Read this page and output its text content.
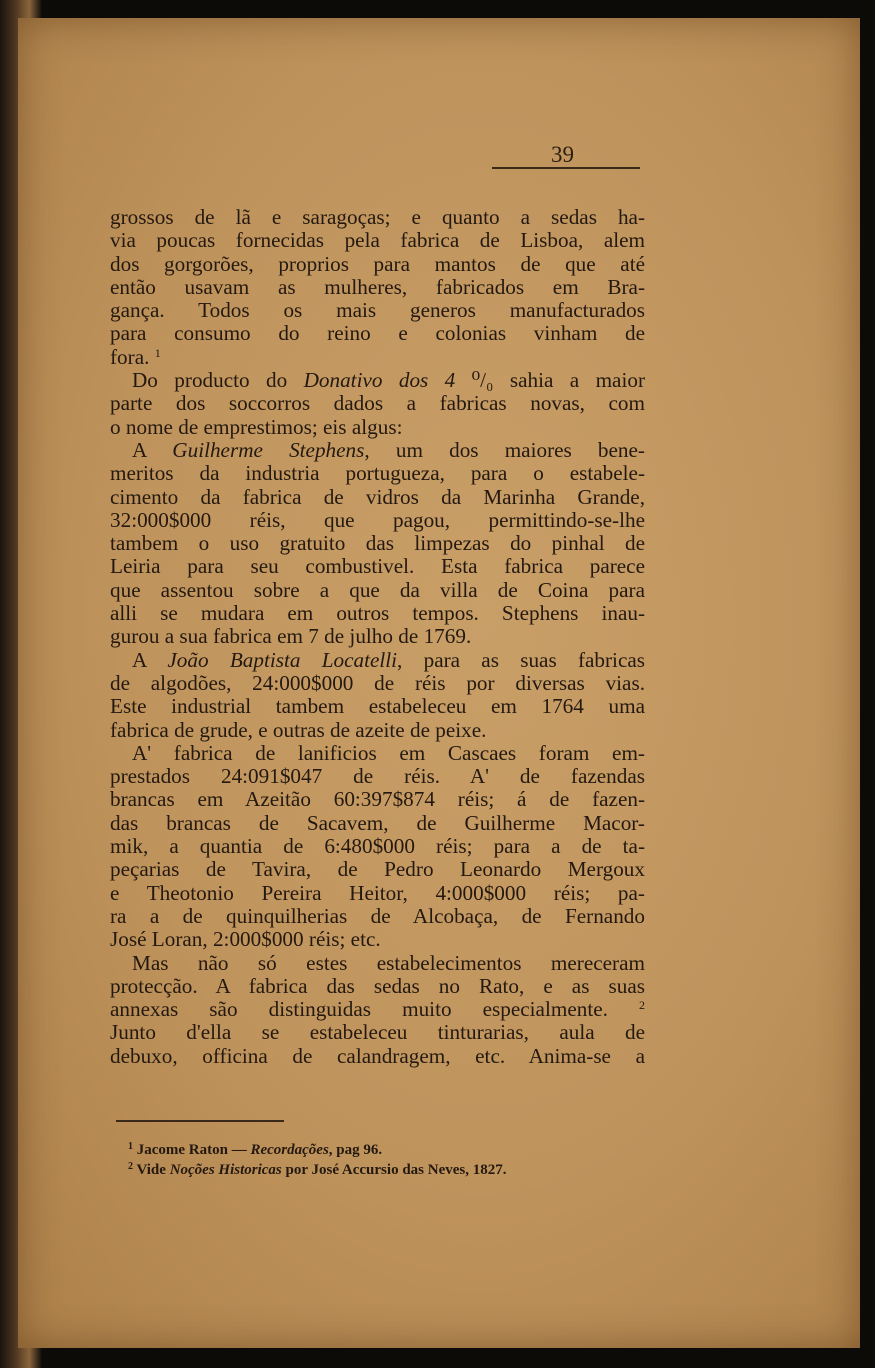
39
grossos de lã e saragoças; e quanto a sedas ha-
via poucas fornecidas pela fabrica de Lisboa, alem
dos gorgorões, proprios para mantos de que até
então usavam as mulheres, fabricados em Bra-
gança. Todos os mais generos manufacturados
para consumo do reino e colonias vinham de
fora. $^1$
Do producto do Donativo dos 4 ⁰/₀ sahia a maior
parte dos soccorros dados a fabricas novas, com
o nome de emprestimos; eis algus:
A Guilherme Stephens, um dos maiores bene-
meritos da industria portugueza, para o estabele-
cimento da fabrica de vidros da Marinha Grande,
32:000$000 réis, que pagou, permittindo-se-lhe
tambem o uso gratuito das limpezas do pinhal de
Leiria para seu combustivel. Esta fabrica parece
que assentou sobre a que da villa de Coina para
alli se mudara em outros tempos. Stephens inau-
gurou a sua fabrica em 7 de julho de 1769.
A João Baptista Locatelli, para as suas fabricas
de algodões, 24:000$000 de réis por diversas vias.
Este industrial tambem estabeleceu em 1764 uma
fabrica de grude, e outras de azeite de peixe.
A' fabrica de lanificios em Cascaes foram em-
prestados 24:091$047 de réis. A' de fazendas
brancas em Azeitão 60:397$874 réis; á de fazen-
das brancas de Sacavem, de Guilherme Macor-
mik, a quantia de 6:480$000 réis; para a de ta-
peçarias de Tavira, de Pedro Leonardo Mergoux
e Theotonio Pereira Heitor, 4:000$000 réis; pa-
ra a de quinquilherias de Alcobaça, de Fernando
José Loran, 2:000$000 réis; etc.
Mas não só estes estabelecimentos mereceram
protecção. A fabrica das sedas no Rato, e as suas
annexas são distinguidas muito especialmente.	$^2$
Junto d'ella se estabeleceu tinturarias, aula de
debuxo, officina de calandragem, etc. Anima-se a
$^1$ Jacome Raton — Recordações, pag 96.
$^2$ Vide Noções Historicas por José Accursio das Neves, 1827.
